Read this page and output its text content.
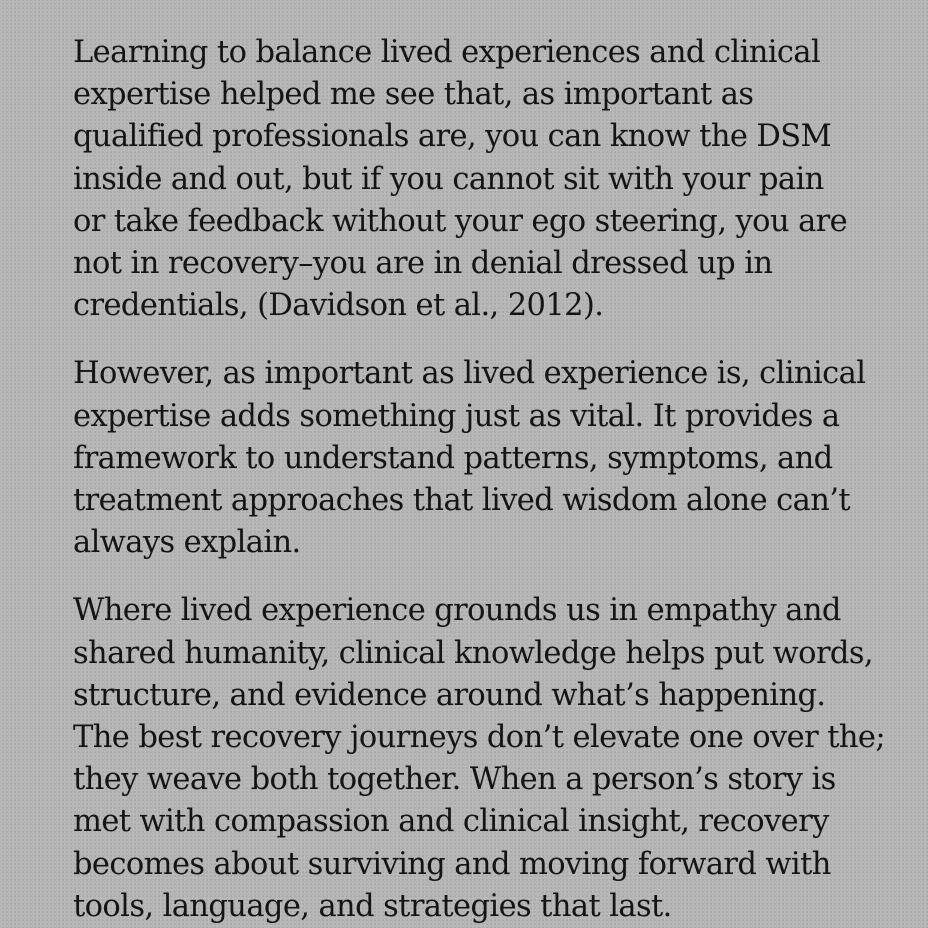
Learning to balance lived experiences and clinical
expertise helped me see that, as important as
qualified professionals are, you can know the DSM
inside and out, but if you cannot sit with your pain
or take feedback without your ego steering, you are
not in recovery–you are in denial dressed up in
credentials, (Davidson et al., 2012).

However, as important as lived experience is, clinical
expertise adds something just as vital. It provides a
framework to understand patterns, symptoms, and
treatment approaches that lived wisdom alone can’t
always explain.

Where lived experience grounds us in empathy and
shared humanity, clinical knowledge helps put words,
structure, and evidence around what’s happening.
The best recovery journeys don’t elevate one over the;
they weave both together. When a person’s story is
met with compassion and clinical insight, recovery
becomes about surviving and moving forward with
tools, language, and strategies that last.
